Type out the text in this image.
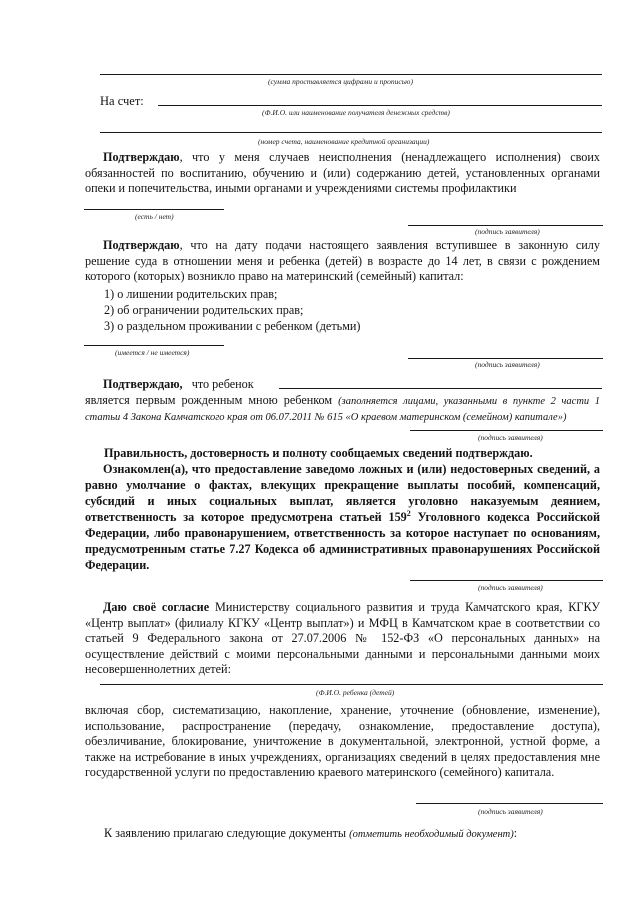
(сумма проставляется цифрами и прописью)
На счет:
(Ф.И.О. или наименование получателя денежных средств)
(номер счета, наименование кредитной организации)
Подтверждаю, что у меня случаев неисполнения (ненадлежащего исполнения) своих обязанностей по воспитанию, обучению и (или) содержанию детей, установленных органами опеки и попечительства, иными органами и учреждениями системы профилактики
(есть / нет)
(подпись заявителя)
Подтверждаю, что на дату подачи настоящего заявления вступившее в законную силу решение суда в отношении меня и ребенка (детей) в возрасте до 14 лет, в связи с рождением которого (которых) возникло право на материнский (семейный) капитал:
1) о лишении родительских прав;
2) об ограничении родительских прав;
3) о раздельном проживании с ребенком (детьми)
(имеется / не имеется)
(подпись заявителя)
Подтверждаю, что ребенок
является первым рожденным мною ребенком (заполняется лицами, указанными в пункте 2 части 1 статьи 4 Закона Камчатского края от 06.07.2011 № 615 «О краевом материнском (семейном) капитале»)
(подпись заявителя)
Правильность, достоверность и полноту сообщаемых сведений подтверждаю.
Ознакомлен(а), что предоставление заведомо ложных и (или) недостоверных сведений, а равно умолчание о фактах, влекущих прекращение выплаты пособий, компенсаций, субсидий и иных социальных выплат, является уголовно наказуемым деянием, ответственность за которое предусмотрена статьей $159^2$ Уголовного кодекса Российской Федерации, либо правонарушением, ответственность за которое наступает по основаниям, предусмотренным статье 7.27 Кодекса об административных правонарушениях Российской Федерации.
(подпись заявителя)
Даю своё согласие Министерству социального развития и труда Камчатского края, КГКУ «Центр выплат» (филиалу КГКУ «Центр выплат») и МФЦ в Камчатском крае в соответствии со статьей 9 Федерального закона от 27.07.2006 № 152-ФЗ «О персональных данных» на осуществление действий с моими персональными данными и персональными данными моих несовершеннолетних детей:
(Ф.И.О. ребенка (детей)
включая сбор, систематизацию, накопление, хранение, уточнение (обновление, изменение), использование, распространение (передачу, ознакомление, предоставление доступа), обезличивание, блокирование, уничтожение в документальной, электронной, устной форме, а также на истребование в иных учреждениях, организациях сведений в целях предоставления мне государственной услуги по предоставлению краевого материнского (семейного) капитала.
(подпись заявителя)
К заявлению прилагаю следующие документы (отметить необходимый документ):
